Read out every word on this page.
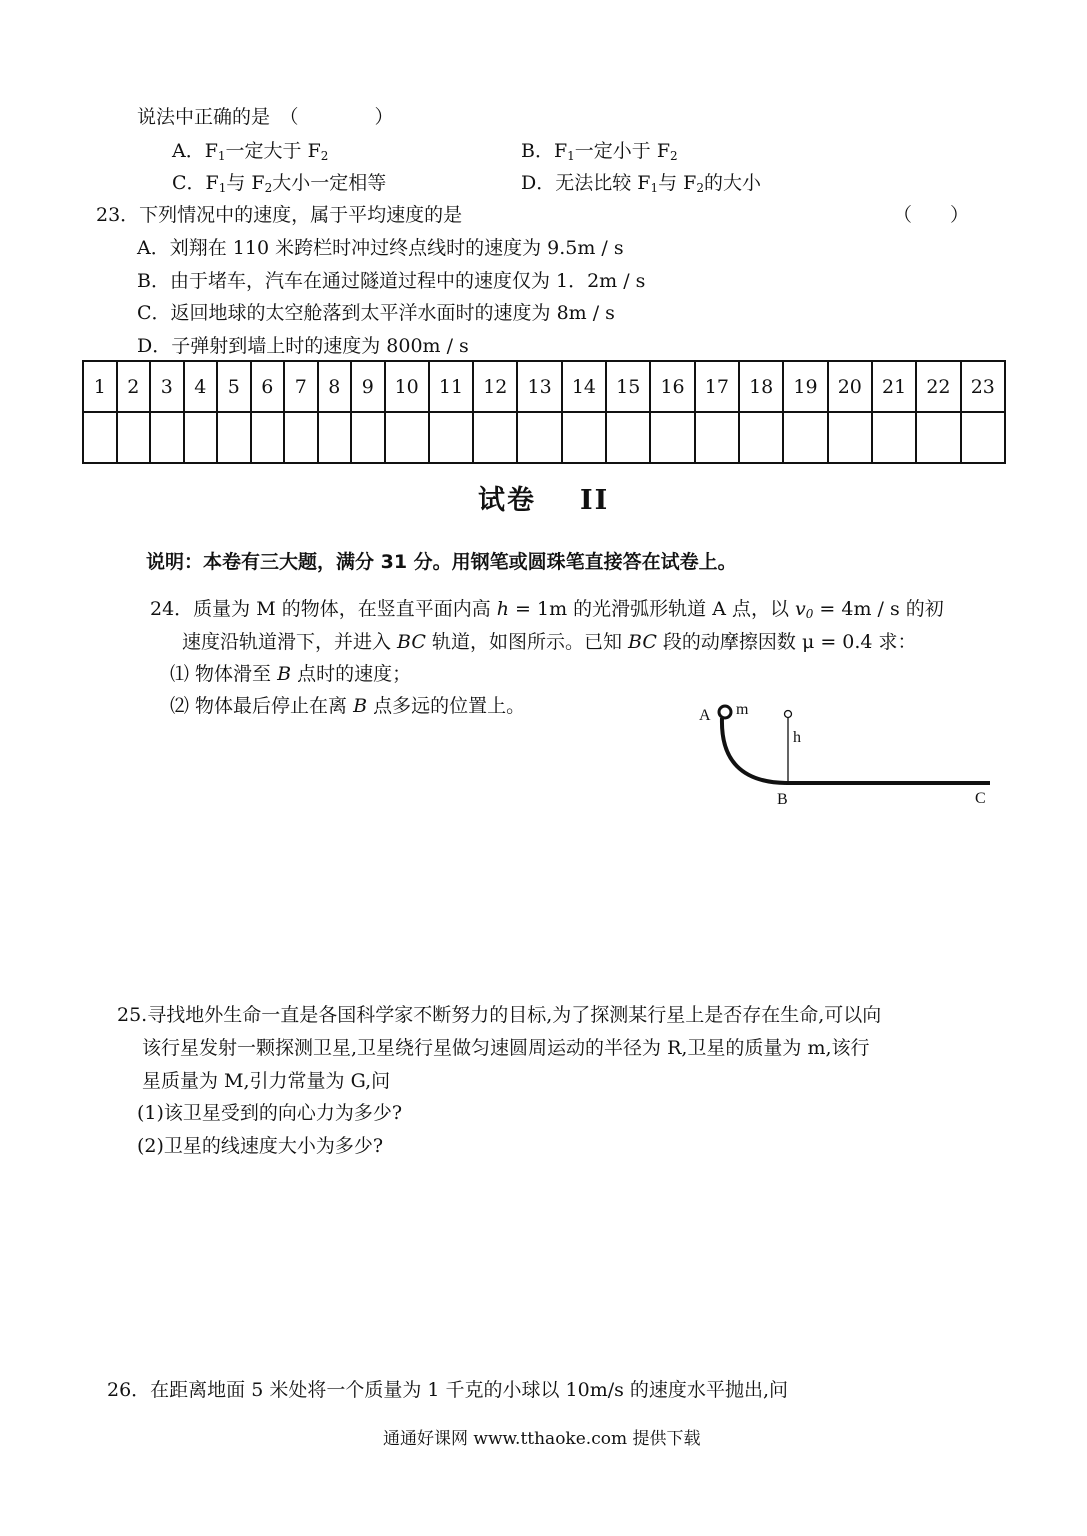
说法中正确的是　（　　　　）
A．$F_1$一定大于 $F_2$	B．$F_1$一定小于 $F_2$
C．$F_1$与 $F_2$大小一定相等	D．无法比较 $F_1$与 $F_2$的大小
23．下列情况中的速度，属于平均速度的是	（　　）
A．刘翔在 110 米跨栏时冲过终点线时的速度为 9.5m / s
B．由于堵车，汽车在通过隧道过程中的速度仅为 1．2m / s
C．返回地球的太空舱落到太平洋水面时的速度为 8m / s
D．子弹射到墙上时的速度为 800m / s
1	2	3	4	5	6	7	8	9	10	11	12	13	14	15	16	17	18	19	20	21	22	23

试卷 II
说明：本卷有三大题，满分 31 分。用钢笔或圆珠笔直接答在试卷上。
24．质量为 M 的物体，在竖直平面内高 h = 1m 的光滑弧形轨道 A 点，以 $v_0 = 4m / s$ 的初
速度沿轨道滑下，并进入 BC 轨道，如图所示。已知 BC 段的动摩擦因数 μ = 0.4 求：
⑴ 物体滑至 B 点时的速度；
⑵ 物体最后停止在离 B 点多远的位置上。	A m
h
B	C
25.寻找地外生命一直是各国科学家不断努力的目标,为了探测某行星上是否存在生命,可以向
该行星发射一颗探测卫星,卫星绕行星做匀速圆周运动的半径为 R,卫星的质量为 m,该行
星质量为 M,引力常量为 G,问
(1)该卫星受到的向心力为多少?
(2)卫星的线速度大小为多少?
26．在距离地面 5 米处将一个质量为 1 千克的小球以 10m/s 的速度水平抛出,问
通通好课网 www.tthaoke.com 提供下载
